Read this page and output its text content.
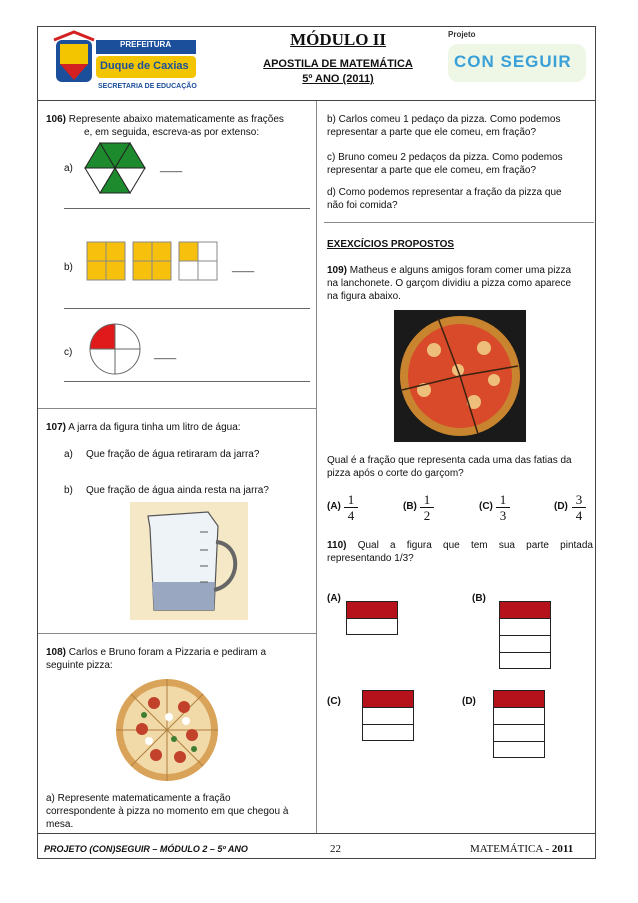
PREFEITURA
Duque de Caxias
SECRETARIA DE EDUCAÇÃO
MÓDULO II
APOSTILA DE MATEMÁTICA
5º ANO (2011)
Projeto
CON SEGUIR
106) Represente abaixo matematicamente as frações
e, em seguida, escreva-as por extenso:
a)	____
b)	____
c)	____
107) A jarra da figura tinha um litro de água:
a) Que fração de água retiraram da jarra?
b) Que fração de água ainda resta na jarra?
108) Carlos e Bruno foram a Pizzaria e pediram a
seguinte pizza:
a) Represente matematicamente a fração
correspondente à pizza no momento em que chegou à
mesa.
b) Carlos comeu 1 pedaço da pizza. Como podemos
representar a parte que ele comeu, em fração?
c) Bruno comeu 2 pedaços da pizza. Como podemos
representar a parte que ele comeu, em fração?
d) Como podemos representar a fração da pizza que
não foi comida?
EXEXCÍCIOS PROPOSTOS
109) Matheus e alguns amigos foram comer uma pizza
na lanchonete. O garçom dividiu a pizza como aparece
na figura abaixo.
Qual é a fração que representa cada uma das fatias da
pizza após o corte do garçom?
$(A) \frac{1}{4}$	$(B) \frac{1}{2}$	$(C) \frac{1}{3}$	$(D) \frac{3}{4}$
110) Qual a figura que tem sua parte pintada
representando 1/3?
(A)	(B)
(C)	(D)
PROJETO (CON)SEGUIR – MÓDULO 2 – 5º ANO	22	MATEMÁTICA - 2011
